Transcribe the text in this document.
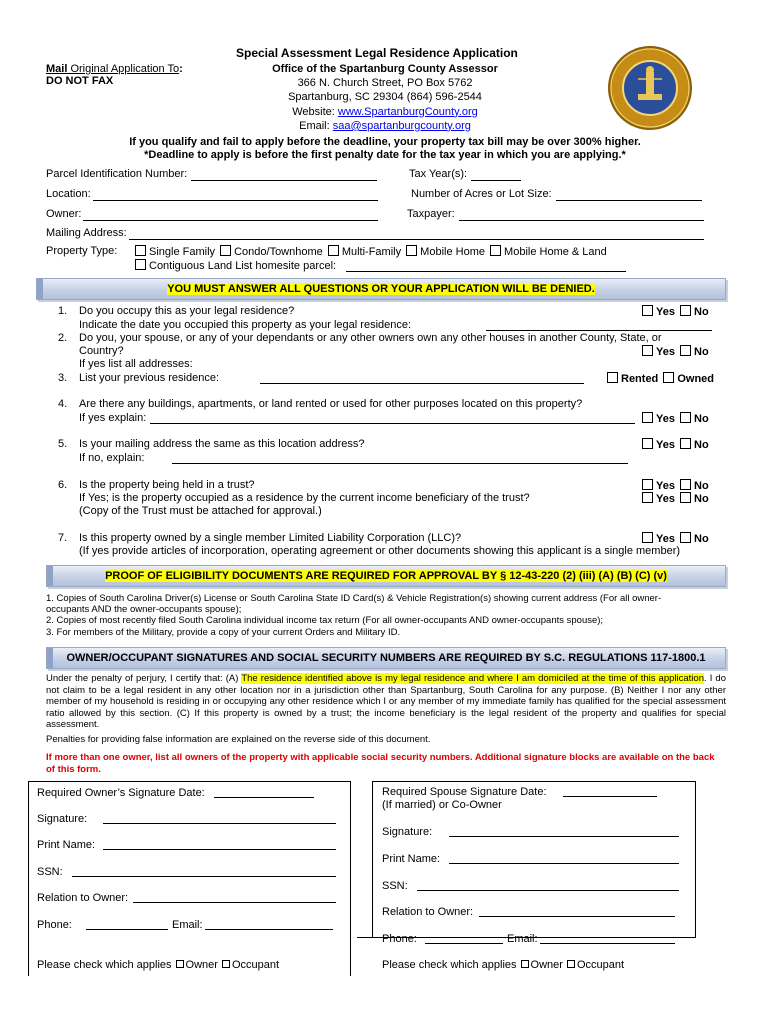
Special Assessment Legal Residence Application
Mail Original Application To:
DO NOT FAX
Office of the Spartanburg County Assessor
366 N. Church Street, PO Box 5762
Spartanburg, SC 29304 (864) 596-2544
Website: www.SpartanburgCounty.org
Email: saa@spartanburgcounty.org
If you qualify and fail to apply before the deadline, your property tax bill may be over 300% higher.
*Deadline to apply is before the first penalty date for the tax year in which you are applying.*
Parcel Identification Number:	Tax Year(s):
Location:	Number of Acres or Lot Size:
Owner:	Taxpayer:
Mailing Address:
Property Type:	Single Family Condo/Townhome Multi-Family Mobile Home Mobile Home & Land
Contiguous Land List homesite parcel:
YOU MUST ANSWER ALL QUESTIONS OR YOUR APPLICATION WILL BE DENIED.
1. Do you occupy this as your legal residence?	Yes No
Indicate the date you occupied this property as your legal residence:
2. Do you, your spouse, or any of your dependants or any other owners own any other houses in another County, State, or
Country?	Yes No
If yes list all addresses:
3. List your previous residence:	Rented Owned
4. Are there any buildings, apartments, or land rented or used for other purposes located on this property?
If yes explain:	Yes No
5. Is your mailing address the same as this location address?	Yes No
If no, explain:
6. Is the property being held in a trust?	Yes No
If Yes; is the property occupied as a residence by the current income beneficiary of the trust?	Yes No
(Copy of the Trust must be attached for approval.)
7. Is this property owned by a single member Limited Liability Corporation (LLC)?	Yes No
(If yes provide articles of incorporation, operating agreement or other documents showing this applicant is a single member)
PROOF OF ELIGIBILITY DOCUMENTS ARE REQUIRED FOR APPROVAL BY § 12-43-220 (2) (iii) (A) (B) (C) (v)
1. Copies of South Carolina Driver(s) License or South Carolina State ID Card(s) & Vehicle Registration(s) showing current address (For all owner-
occupants AND the owner-occupants spouse);
2. Copies of most recently filed South Carolina individual income tax return (For all owner-occupants AND owner-occupants spouse);
3. For members of the Military, provide a copy of your current Orders and Military ID.
OWNER/OCCUPANT SIGNATURES AND SOCIAL SECURITY NUMBERS ARE REQUIRED BY S.C. REGULATIONS 117-1800.1
Under the penalty of perjury, I certify that: (A) The residence identified above is my legal residence and where I am domiciled at the time of this application. I do not claim to be a legal resident in any other location nor in a jurisdiction other than Spartanburg, South Carolina for any purpose. (B) Neither I nor any other member of my household is residing in or occupying any other residence which I or any member of my immediate family has qualified for the special assessment ratio allowed by this section. (C) If this property is owned by a trust; the income beneficiary is the legal resident of the property and qualifies for special assessment.
Penalties for providing false information are explained on the reverse side of this document.
If more than one owner, list all owners of the property with applicable social security numbers. Additional signature blocks are available on the back of this form.
Required Owner’s Signature Date:
Signature:
Print Name:
SSN:
Relation to Owner:
Phone:	Email:
Please check which applies Owner Occupant
Required Spouse Signature Date:
(If married) or Co-Owner
Signature:
Print Name:
SSN:
Relation to Owner:
Phone:	Email:
Please check which applies Owner Occupant
